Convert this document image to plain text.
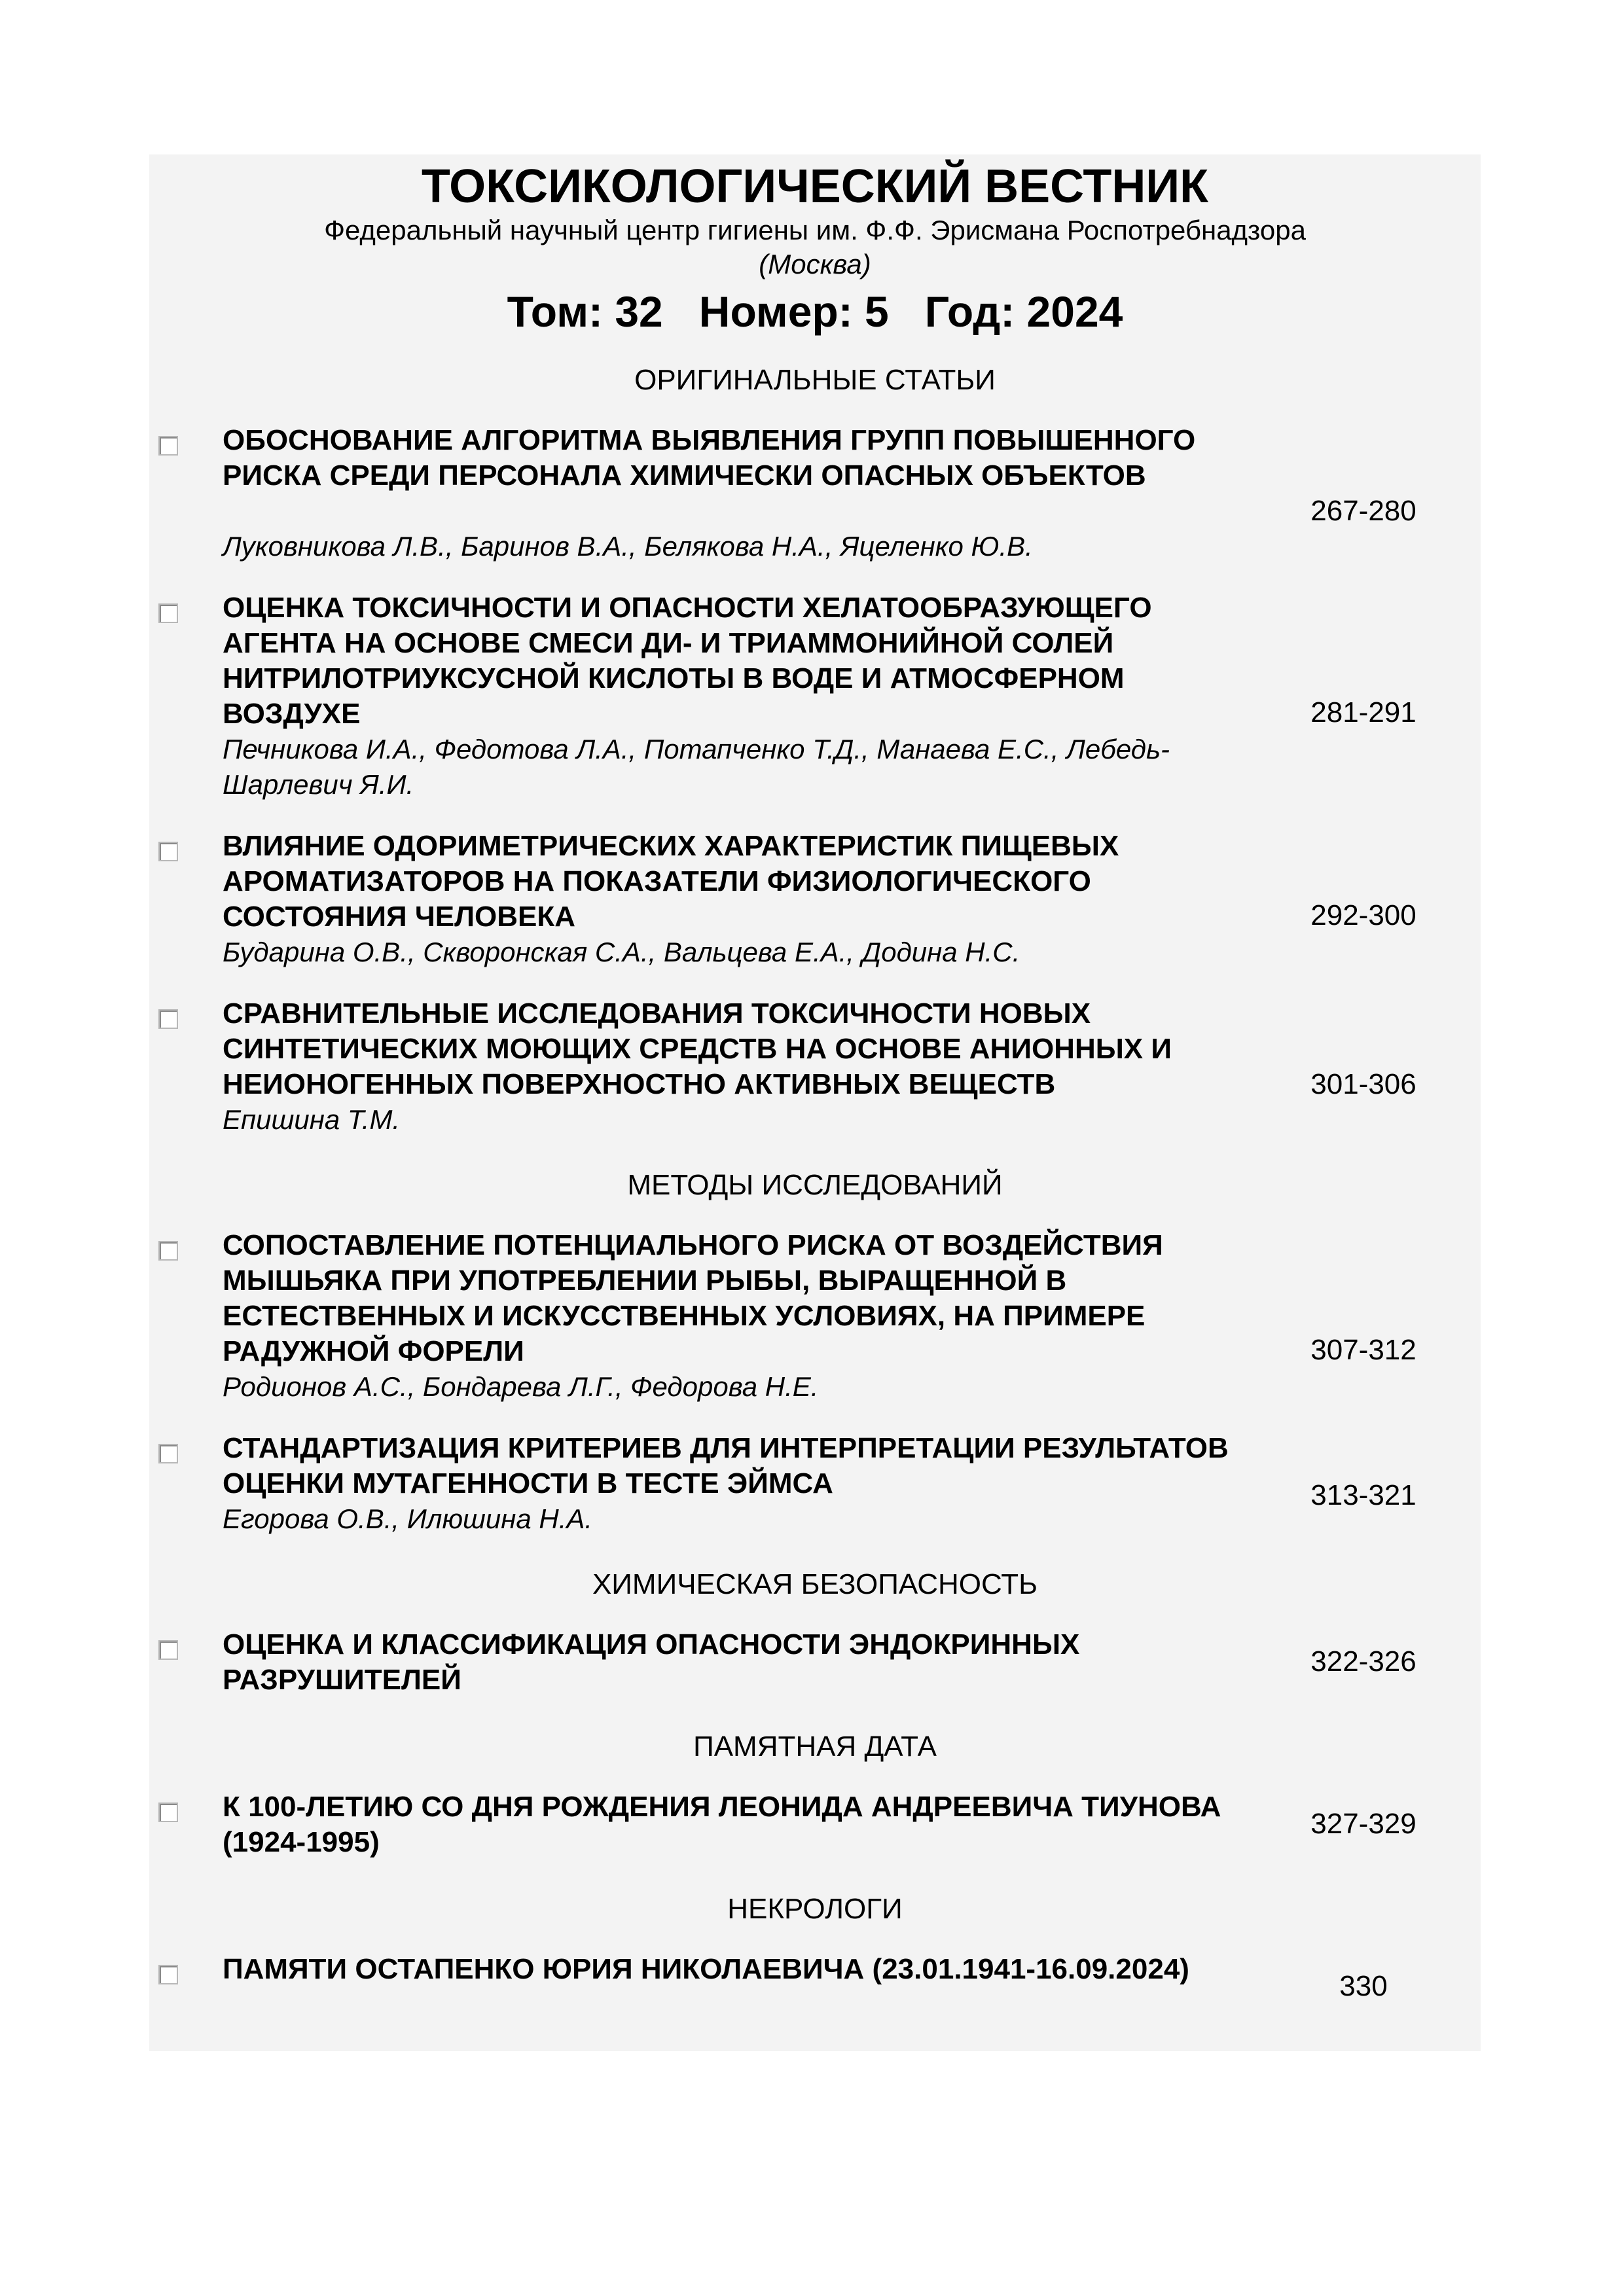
ТОКСИКОЛОГИЧЕСКИЙ ВЕСТНИК
Федеральный научный центр гигиены им. Ф.Ф. Эрисмана Роспотребнадзора
(Москва)
Том: 32   Номер: 5   Год: 2024
ОРИГИНАЛЬНЫЕ СТАТЬИ

ОБОСНОВАНИЕ АЛГОРИТМА ВЫЯВЛЕНИЯ ГРУПП ПОВЫШЕННОГО РИСКА СРЕДИ ПЕРСОНАЛА ХИМИЧЕСКИ ОПАСНЫХ ОБЪЕКТОВ

Луковникова Л.В., Баринов В.А., Белякова Н.А., Яцеленко Ю.В.

267-280

ОЦЕНКА ТОКСИЧНОСТИ И ОПАСНОСТИ ХЕЛАТООБРАЗУЮЩЕГО АГЕНТА НА ОСНОВЕ СМЕСИ ДИ- И ТРИАММОНИЙНОЙ СОЛЕЙ НИТРИЛОТРИУКСУСНОЙ КИСЛОТЫ В ВОДЕ И АТМОСФЕРНОМ ВОЗДУХЕ

Печникова И.А., Федотова Л.А., Потапченко Т.Д., Манаева Е.С., Лебедь-Шарлевич Я.И.

281-291

ВЛИЯНИЕ ОДОРИМЕТРИЧЕСКИХ ХАРАКТЕРИСТИК ПИЩЕВЫХ АРОМАТИЗАТОРОВ НА ПОКАЗАТЕЛИ ФИЗИОЛОГИЧЕСКОГО СОСТОЯНИЯ ЧЕЛОВЕКА

Бударина О.В., Скворонская С.А., Вальцева Е.А., Додина Н.С.

292-300

СРАВНИТЕЛЬНЫЕ ИССЛЕДОВАНИЯ ТОКСИЧНОСТИ НОВЫХ СИНТЕТИЧЕСКИХ МОЮЩИХ СРЕДСТВ НА ОСНОВЕ АНИОННЫХ И НЕИОНОГЕННЫХ ПОВЕРХНОСТНО АКТИВНЫХ ВЕЩЕСТВ

Епишина Т.М.

301-306
МЕТОДЫ ИССЛЕДОВАНИЙ

СОПОСТАВЛЕНИЕ ПОТЕНЦИАЛЬНОГО РИСКА ОТ ВОЗДЕЙСТВИЯ МЫШЬЯКА ПРИ УПОТРЕБЛЕНИИ РЫБЫ, ВЫРАЩЕННОЙ В ЕСТЕСТВЕННЫХ И ИСКУССТВЕННЫХ УСЛОВИЯХ, НА ПРИМЕРЕ РАДУЖНОЙ ФОРЕЛИ

Родионов А.С., Бондарева Л.Г., Федорова Н.Е.

307-312

СТАНДАРТИЗАЦИЯ КРИТЕРИЕВ ДЛЯ ИНТЕРПРЕТАЦИИ РЕЗУЛЬТАТОВ ОЦЕНКИ МУТАГЕННОСТИ В ТЕСТЕ ЭЙМСА

Егорова О.В., Илюшина Н.А.

313-321
ХИМИЧЕСКАЯ БЕЗОПАСНОСТЬ

ОЦЕНКА И КЛАССИФИКАЦИЯ ОПАСНОСТИ ЭНДОКРИННЫХ РАЗРУШИТЕЛЕЙ

322-326
ПАМЯТНАЯ ДАТА

К 100-ЛЕТИЮ СО ДНЯ РОЖДЕНИЯ ЛЕОНИДА АНДРЕЕВИЧА ТИУНОВА (1924-1995)

327-329
НЕКРОЛОГИ

ПАМЯТИ ОСТАПЕНКО ЮРИЯ НИКОЛАЕВИЧА (23.01.1941-16.09.2024)

330
